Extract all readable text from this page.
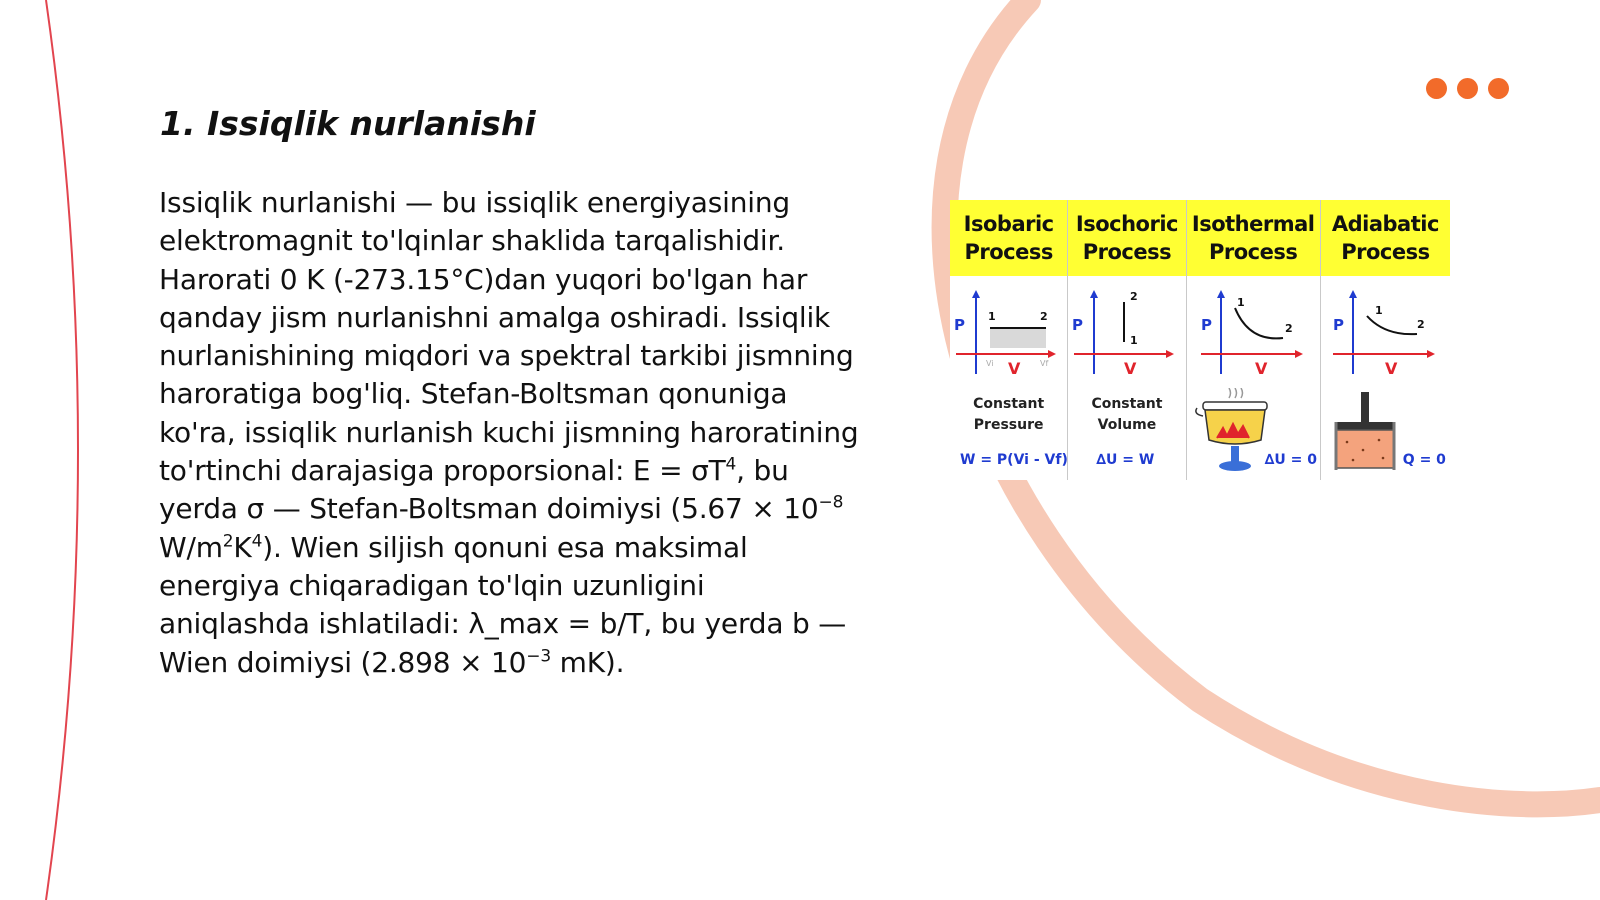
1. Issiqlik nurlanishi

Issiqlik nurlanishi — bu issiqlik energiyasining elektromagnit to'lqinlar shaklida tarqalishidir. Harorati 0 K (-273.15°C)dan yuqori bo'lgan har qanday jism nurlanishni amalga oshiradi. Issiqlik nurlanishining miqdori va spektral tarkibi jismning haroratiga bog'liq. Stefan-Boltsman qonuniga ko'ra, issiqlik nurlanish kuchi jismning haroratining to'rtinchi darajasiga proporsional: $E = \sigma T^4$, bu yerda σ — Stefan-Boltsman doimiysi ($5.67 \times 10^{-8}$ $W/m^2K^4$). Wien siljish qonuni esa maksimal energiya chiqaradigan to'lqin uzunligini aniqlashda ishlatiladi: λ_max = b/T, bu yerda b — Wien doimiysi ($2.898 \times 10^{-3}$ mK).

Isobaric
Process
P
V
1	2
Vi	Vf
Constant
Pressure
W = P(Vi - Vf)
Isochoric
Process
P
V
2
1
Constant
Volume
∆U = W
Isothermal
Process
P
V
1
2
∆U = 0
Adiabatic
Process
P
V
1
2
Q = 0
